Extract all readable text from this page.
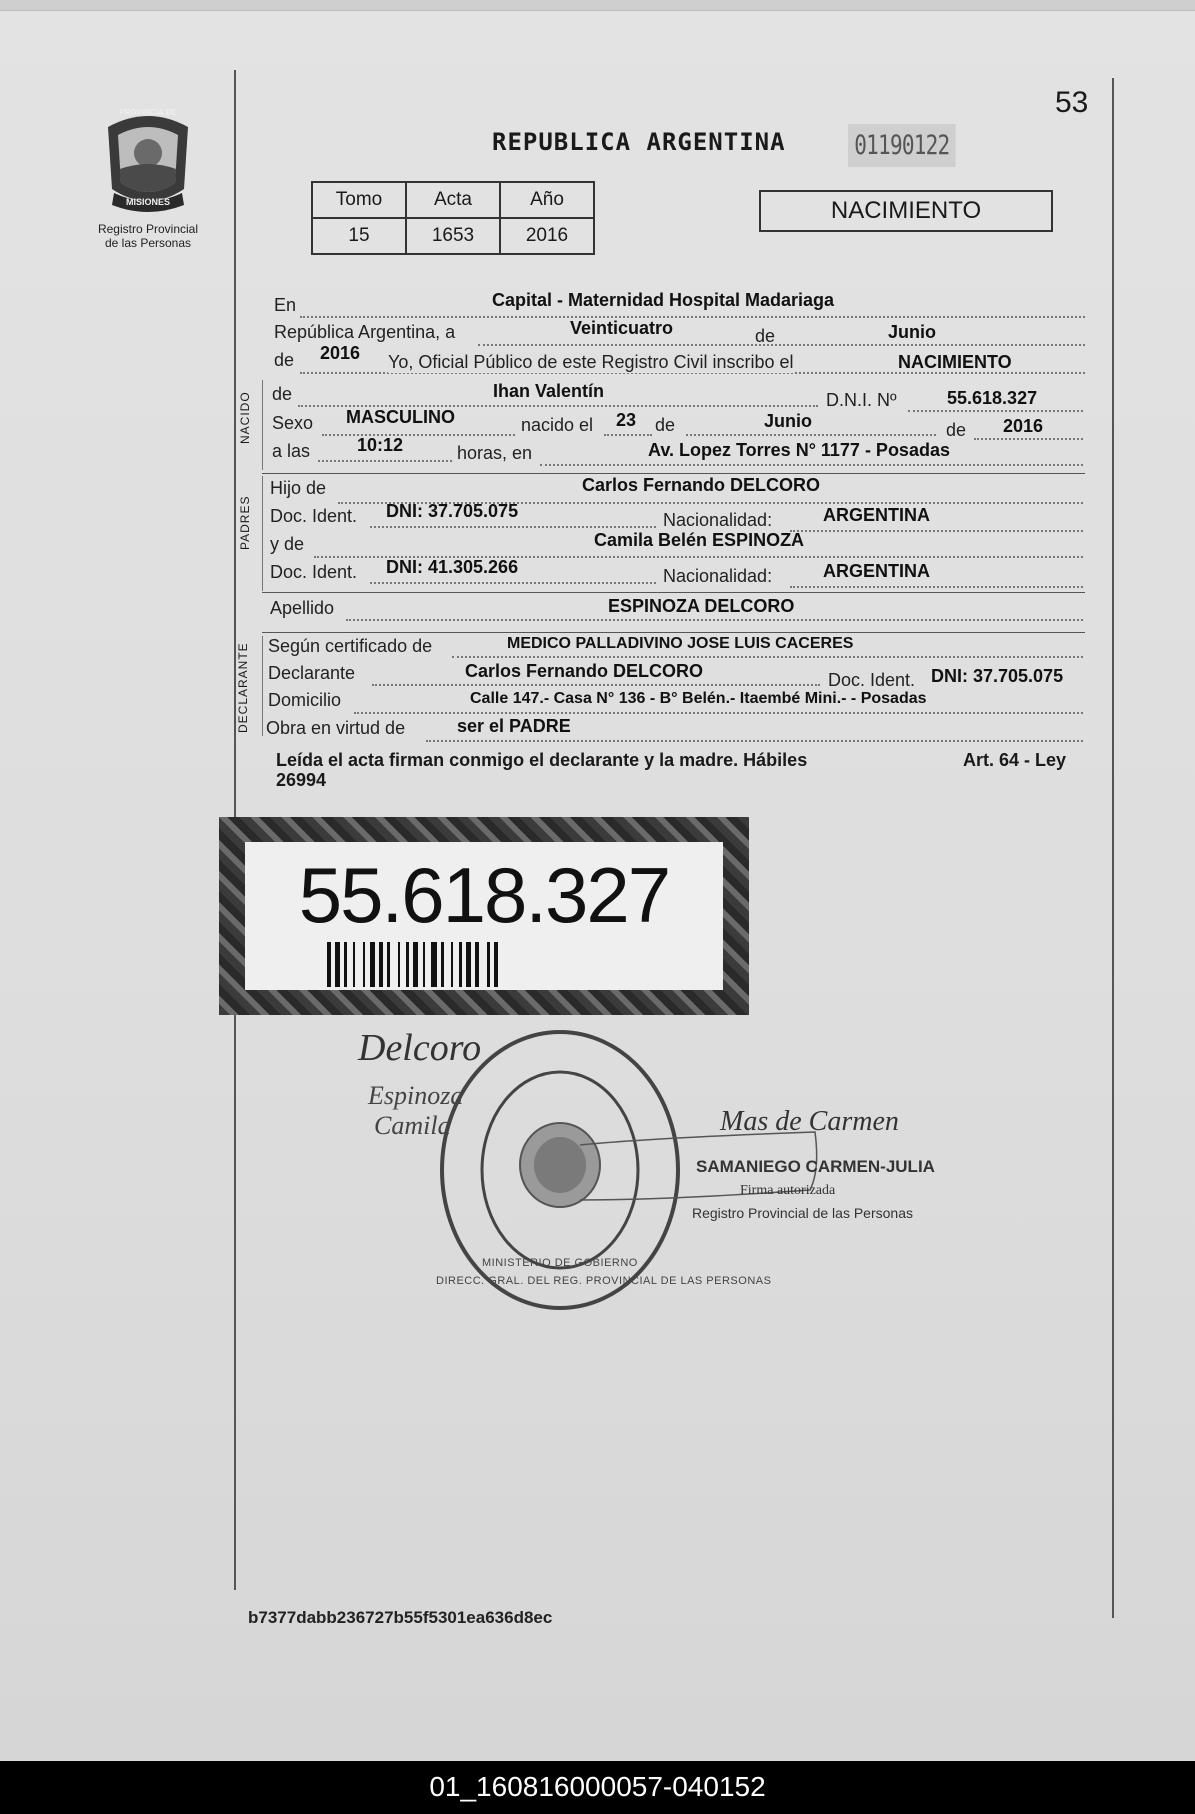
PROVINCIA DE
MISIONES
Registro Provincial
de las Personas
53
REPUBLICA ARGENTINA	01190122
Tomo	Acta	Año
15	1653	2016
NACIMIENTO
En	Capital - Maternidad Hospital Madariaga
República Argentina, a	Veinticuatro	de	Junio
de 2016 Yo, Oficial Público de este Registro Civil inscribo el	NACIMIENTO
NACIDO de	Ihan Valentín	D.N.I. Nº	55.618.327
Sexo MASCULINO	nacido el 23 de	Junio	de 2016
a las	10:12	horas, en	Av. Lopez Torres N° 1177 - Posadas
PADRES
Hijo de	Carlos Fernando DELCORO
Doc. Ident. DNI: 37.705.075	Nacionalidad:	ARGENTINA
y de	Camila Belén ESPINOZA
Doc. Ident. DNI: 41.305.266	Nacionalidad:	ARGENTINA
Apellido	ESPINOZA DELCORO
DECLARANTE Según certificado de	MEDICO PALLADIVINO JOSE LUIS CACERES
Declarante	Carlos Fernando DELCORO	Doc. Ident. DNI: 37.705.075
Domicilio	Calle 147.- Casa N° 136 - B° Belén.- Itaembé Mini.- - Posadas
Obra en virtud de	ser el PADRE
Leída el acta firman conmigo el declarante y la madre. Hábiles	Art. 64 - Ley
26994
55.618.327
Delcoro
Espinoza
Camila	Mas de Carmen
SAMANIEGO CARMEN-JULIA
Firma autorizada
Registro Provincial de las Personas
DIRECC. GRAL. DEL REG. PROVINCIAL DE LAS PERSONAS
MINISTERIO DE GOBIERNO
b7377dabb236727b55f5301ea636d8ec
01_160816000057-040152
